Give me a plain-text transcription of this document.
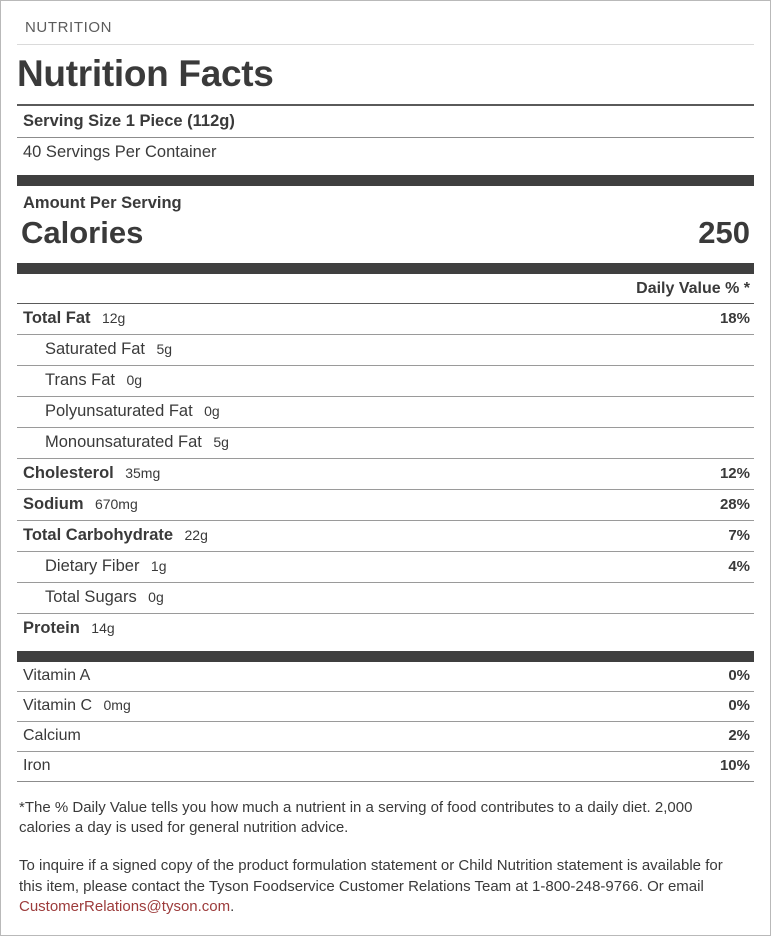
NUTRITION
Nutrition Facts
Serving Size 1 Piece (112g)
40 Servings Per Container
Amount Per Serving
Calories	250
Daily Value % *
Total Fat 12g	18%
Saturated Fat 5g
Trans Fat 0g
Polyunsaturated Fat 0g
Monounsaturated Fat 5g
Cholesterol 35mg	12%
Sodium 670mg	28%
Total Carbohydrate 22g	7%
Dietary Fiber 1g	4%
Total Sugars 0g
Protein 14g
Vitamin A	0%
Vitamin C 0mg	0%
Calcium	2%
Iron	10%
*The % Daily Value tells you how much a nutrient in a serving of food contributes to a daily diet. 2,000 calories a day is used for general nutrition advice.
To inquire if a signed copy of the product formulation statement or Child Nutrition statement is available for this item, please contact the Tyson Foodservice Customer Relations Team at 1-800-248-9766. Or email CustomerRelations@tyson.com.
